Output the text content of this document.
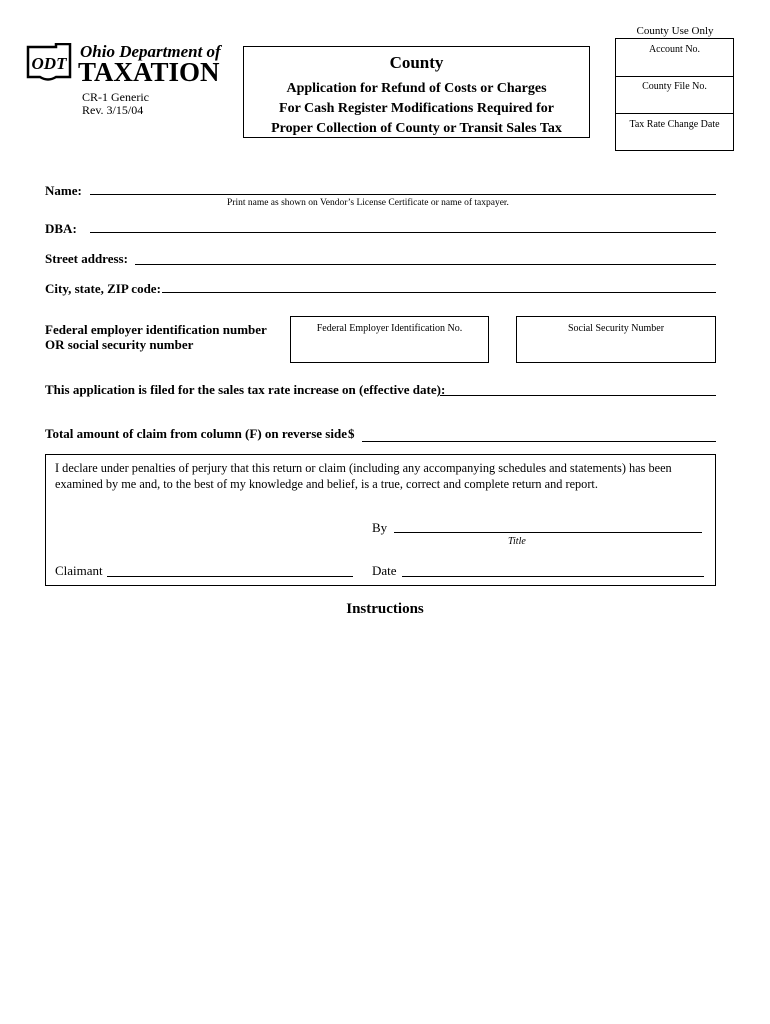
ODT
Ohio Department of
TAXATION
CR-1 Generic
Rev. 3/15/04
County
Application for Refund of Costs or Charges
For Cash Register Modifications Required for
Proper Collection of County or Transit Sales Tax
County Use Only
Account No.
County File No.
Tax Rate Change Date
Name:
Print name as shown on Vendor’s License Certificate or name of taxpayer.
DBA:
Street address:
City, state, ZIP code:
Federal employer identification number
OR social security number
Federal Employer Identification No.	Social Security Number
This application is filed for the sales tax rate increase on (effective date):
Total amount of claim from column (F) on reverse side $
I declare under penalties of perjury that this return or claim (including any accompanying schedules and statements) has been examined by me and, to the best of my knowledge and belief, is a true, correct and complete return and report.
By
Title
Claimant	Date
Instructions
